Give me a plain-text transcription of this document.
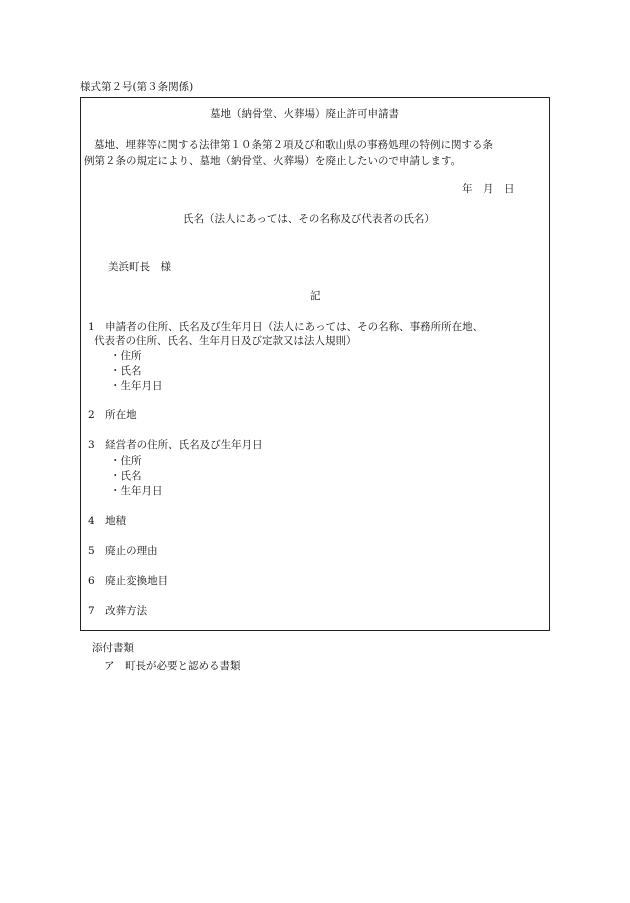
様式第２号(第３条関係)
墓地（納骨堂、火葬場）廃止許可申請書
墓地、埋葬等に関する法律第１０条第２項及び和歌山県の事務処理の特例に関する条
例第２条の規定により、墓地（納骨堂、火葬場）を廃止したいので申請します。
年　月　日
氏名（法人にあっては、その名称及び代表者の氏名）
美浜町長　様
記
1　申請者の住所、氏名及び生年月日（法人にあっては、その名称、事務所所在地、
代表者の住所、氏名、生年月日及び定款又は法人規則）
・住所
・氏名
・生年月日
2　所在地
3　経営者の住所、氏名及び生年月日
・住所
・氏名
・生年月日
4　地積
5　廃止の理由
6　廃止変換地目
7　改葬方法
添付書類
ア　町長が必要と認める書類
